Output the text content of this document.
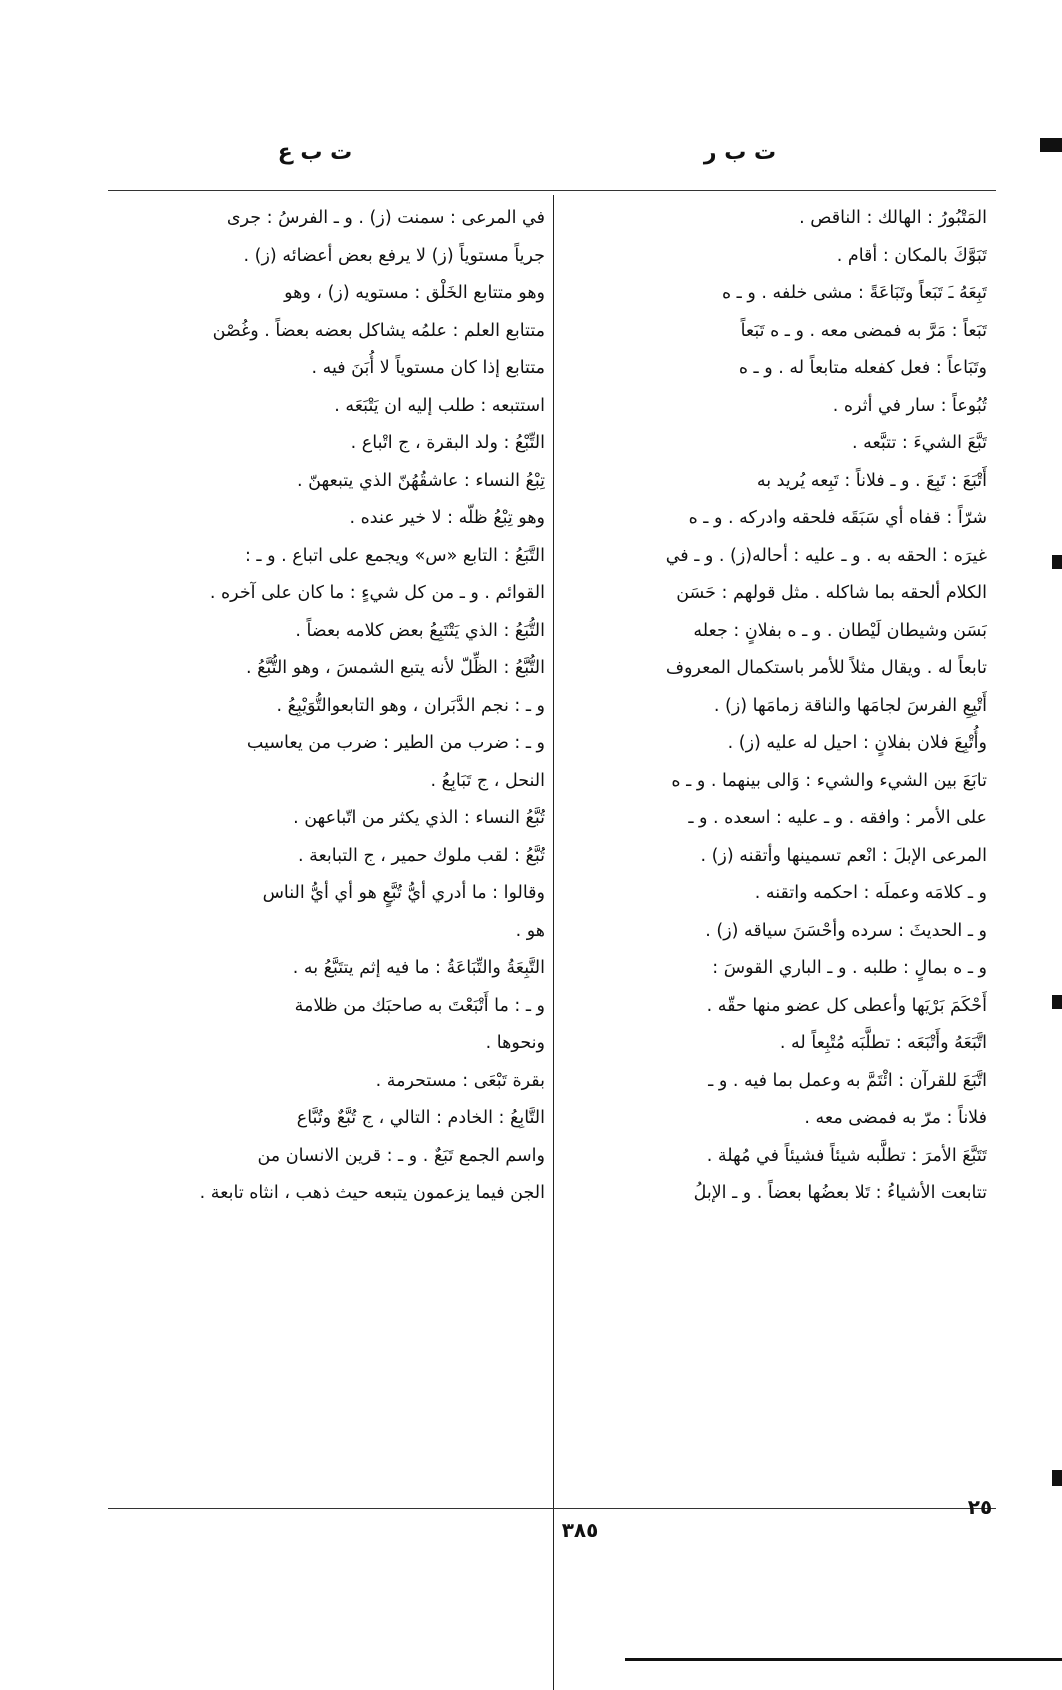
ت ب ر
ت ب ع
المَتْبُورُ : الهالك : الناقص .
تَبَوَّكَ بالمكان : أقام .
تَبِعَهُ ـَ تَبَعاً وتَبَاعَةً : مشى خلفه . و ـ ه
تَبَعاً : مَرَّ به فمضى معه . و ـ ه تَبَعاً
وتَبَاعاً : فعل كفعله متابعاً له . و ـ ه
تُبُوعاً : سار في أثره .
تَبَّعَ الشيءَ : تتبَّعه .
أَتْبَعَ : تَبِعَ . و ـ فلاناً : تَبِعه يُريد به
شرّاً : قفاه أي سَبَقَه فلحقه وادركه . و ـ ه
غيرَه : الحقه به . و ـ عليه : أحاله(ز) . و ـ في
الكلام ألحقه بما شاكله . مثل قولهم : حَسَن
بَسَن وشيطان لَيْطان . و ـ ه بفلانٍ : جعله
تابعاً له . ويقال مثلاً للأمر باستكمال المعروف
أَتْبِعِ الفرسَ لجامَها والناقة زمامَها (ز) .
وأُتْبِعَ فلان بفلانٍ : احيل له عليه (ز) .
تابَعَ بين الشيء والشيء : وَالى بينهما . و ـ ه
على الأمر : وافقه . و ـ عليه : اسعده . و ـ
المرعى الإبلَ : انْعم تسمينها وأتقنه (ز) .
و ـ كلامَه وعملَه : احكمه واتقنه .
و ـ الحديثَ : سرده وأحْسَنَ سياقه (ز) .
و ـ ه بمالٍ : طلبه . و ـ الباري القوسَ :
أَحْكَمَ بَرْيَها وأعطى كل عضو منها حقّه .
اتَّبَعَهُ وأَتْبَعَه : تطلَّبَه مُتْبِعاً له .
اتَّبَعَ للقرآن : ائْتَمَّ به وعمل بما فيه . و ـ
فلاناً : مرّ به فمضى معه .
تَتَبَّعَ الأمرَ : تطلَّبه شيئاً فشيئاً في مُهلة .
تتابعت الأشياءُ : تَلا بعضُها بعضاً . و ـ الإبلُ
في المرعى : سمنت (ز) . و ـ الفرسُ : جرى
جرياً مستوياً (ز) لا يرفع بعض أعضائه (ز) .
وهو متتابع الخَلْق : مستويه (ز) ، وهو
متتابع العلم : علمُه يشاكل بعضه بعضاً . وغُصْن
متتابع إذا كان مستوياً لا أُبَنَ فيه .
استتبعه : طلب إليه ان يَتْبَعَه .
التِّبْعُ : ولد البقرة ، ج اتْباع .
تِبْعُ النساء : عاشقُهُنّ الذي يتبعهنّ .
وهو تِبْعُ ظلّه : لا خير عنده .
التَّبَعُ : التابع «س» ويجمع على اتباع . و ـ :
القوائم . و ـ من كل شيءٍ : ما كان على آخره .
التُّبَعُ : الذي يَتْتَبِعُ بعض كلامه بعضاً .
التُّبَّعُ : الظِّلّ لأنه يتبع الشمسَ ، وهو التُّبَّعُ .
و ـ : نجم الدَّبَران ، وهو التابعوالتُّوَيْبِعُ .
و ـ : ضرب من الطير : ضرب من يعاسيب
النحل ، ج تَبَابِعُ .
تُبَّعُ النساء : الذي يكثر من اتّباعهن .
تُبَّعُ : لقب ملوك حمير ، ج التبابعة .
وقالوا : ما أدري أيُّ تُبَّعٍ هو أي أيُّ الناس
هو .
التَّبِعَةُ والتِّبَاعَةُ : ما فيه إثم يتتَبَّعُ به .
و ـ : ما أَتْبَعْتَ به صاحبَك من ظلامة
ونحوها .
بقرة تَبْعَى : مستحرمة .
التَّابِعُ : الخادم : التالي ، ج تُبَّعٌ وتُبَّاع
واسم الجمع تَبَعٌ . و ـ : قرين الانسان من
الجن فيما يزعمون يتبعه حيث ذهب ، انثاه تابعة .
٣٨٥
٢٥
